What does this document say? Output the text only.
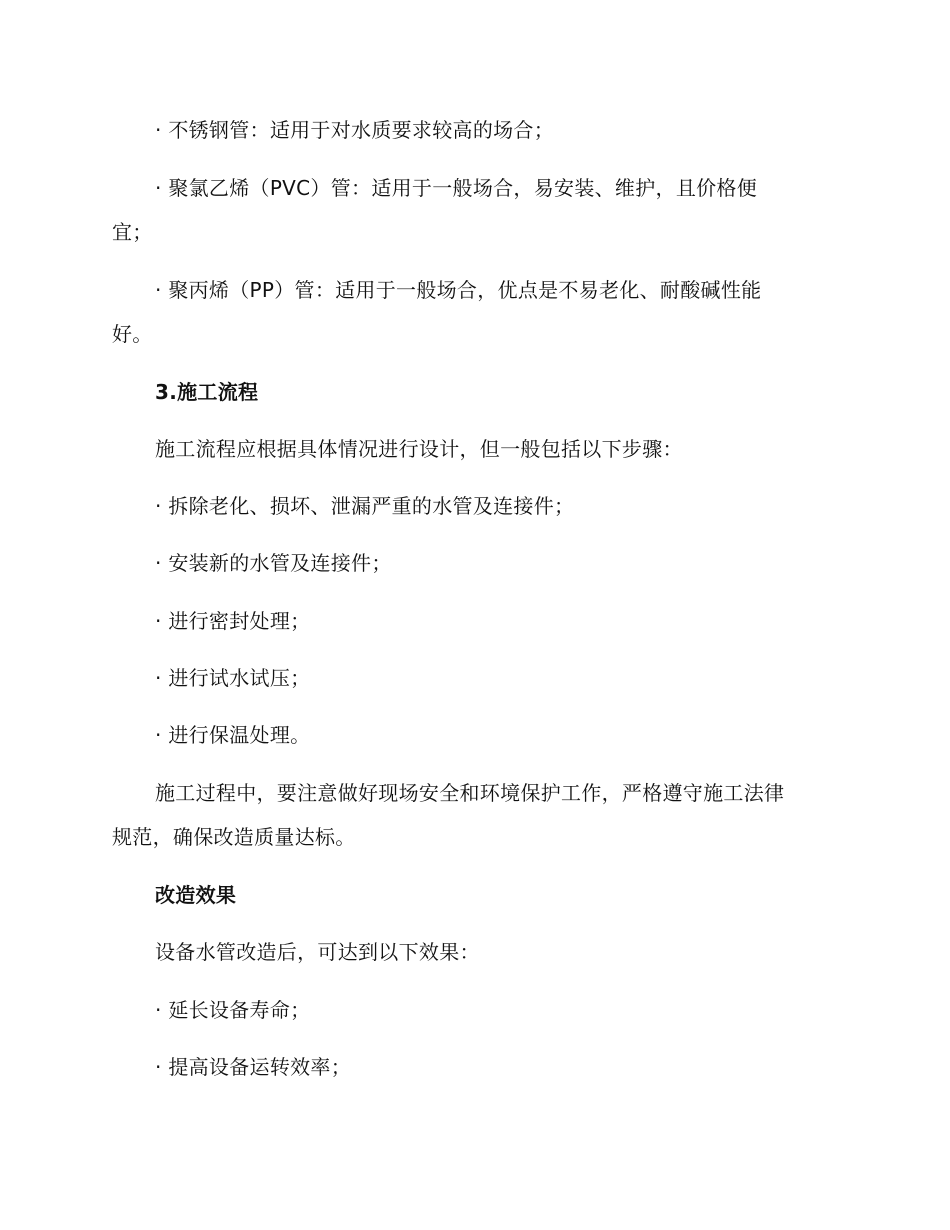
· 不锈钢管：适用于对水质要求较高的场合；
· 聚氯乙烯（PVC）管：适用于一般场合，易安装、维护，且价格便
宜；
· 聚丙烯（PP）管：适用于一般场合，优点是不易老化、耐酸碱性能
好。
3.施工流程
施工流程应根据具体情况进行设计，但一般包括以下步骤：
· 拆除老化、损坏、泄漏严重的水管及连接件；
· 安装新的水管及连接件；
· 进行密封处理；
· 进行试水试压；
· 进行保温处理。
施工过程中，要注意做好现场安全和环境保护工作，严格遵守施工法律
规范，确保改造质量达标。
改造效果
设备水管改造后，可达到以下效果：
· 延长设备寿命；
· 提高设备运转效率；
